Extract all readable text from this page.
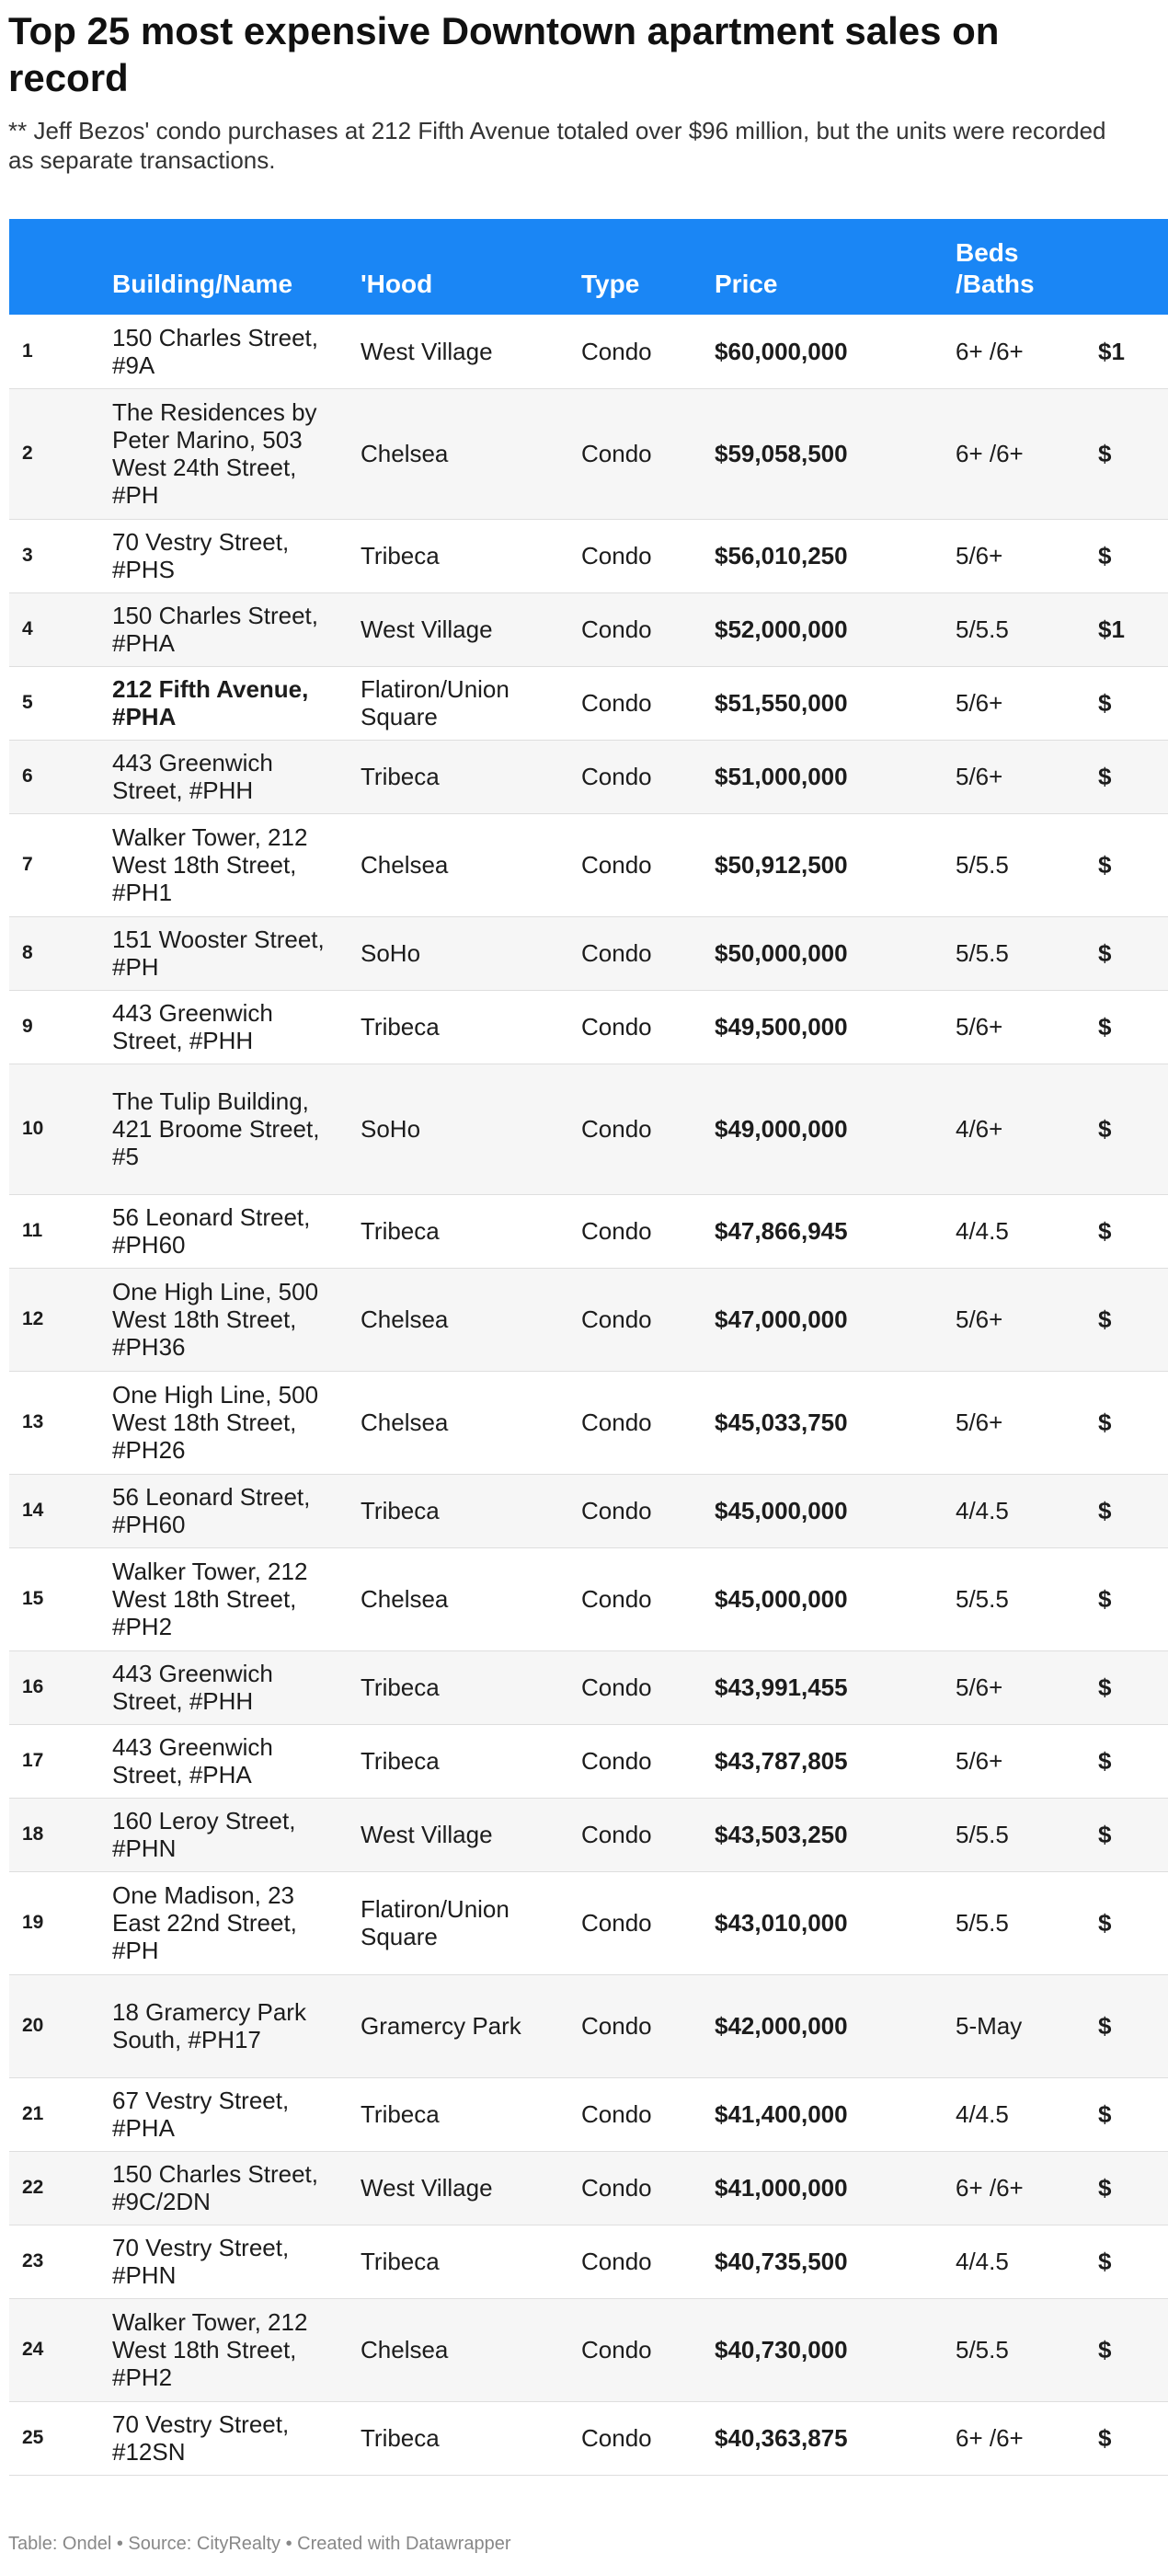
Top 25 most expensive Downtown apartment sales on record

** Jeff Bezos' condo purchases at 212 Fifth Avenue totaled over $96 million, but the units were recorded as separate transactions.

	Building/Name	'Hood	Type	Price	Beds
/Baths	
1	150 Charles Street, #9A	West Village	Condo	$60,000,000	6+ /6+	$1
2	The Residences by Peter Marino, 503 West 24th Street, #PH	Chelsea	Condo	$59,058,500	6+ /6+	$
3	70 Vestry Street, #PHS	Tribeca	Condo	$56,010,250	5/6+	$
4	150 Charles Street, #PHA	West Village	Condo	$52,000,000	5/5.5	$1
5	212 Fifth Avenue, #PHA	Flatiron/Union Square	Condo	$51,550,000	5/6+	$
6	443 Greenwich Street, #PHH	Tribeca	Condo	$51,000,000	5/6+	$
7	Walker Tower, 212 West 18th Street, #PH1	Chelsea	Condo	$50,912,500	5/5.5	$
8	151 Wooster Street, #PH	SoHo	Condo	$50,000,000	5/5.5	$
9	443 Greenwich Street, #PHH	Tribeca	Condo	$49,500,000	5/6+	$
10	The Tulip Building, 421 Broome Street, #5	SoHo	Condo	$49,000,000	4/6+	$
11	56 Leonard Street, #PH60	Tribeca	Condo	$47,866,945	4/4.5	$
12	One High Line, 500 West 18th Street, #PH36	Chelsea	Condo	$47,000,000	5/6+	$
13	One High Line, 500 West 18th Street, #PH26	Chelsea	Condo	$45,033,750	5/6+	$
14	56 Leonard Street, #PH60	Tribeca	Condo	$45,000,000	4/4.5	$
15	Walker Tower, 212 West 18th Street, #PH2	Chelsea	Condo	$45,000,000	5/5.5	$
16	443 Greenwich Street, #PHH	Tribeca	Condo	$43,991,455	5/6+	$
17	443 Greenwich Street, #PHA	Tribeca	Condo	$43,787,805	5/6+	$
18	160 Leroy Street, #PHN	West Village	Condo	$43,503,250	5/5.5	$
19	One Madison, 23 East 22nd Street, #PH	Flatiron/Union Square	Condo	$43,010,000	5/5.5	$
20	18 Gramercy Park South, #PH17	Gramercy Park	Condo	$42,000,000	5-May	$
21	67 Vestry Street, #PHA	Tribeca	Condo	$41,400,000	4/4.5	$
22	150 Charles Street, #9C/2DN	West Village	Condo	$41,000,000	6+ /6+	$
23	70 Vestry Street, #PHN	Tribeca	Condo	$40,735,500	4/4.5	$
24	Walker Tower, 212 West 18th Street, #PH2	Chelsea	Condo	$40,730,000	5/5.5	$
25	70 Vestry Street, #12SN	Tribeca	Condo	$40,363,875	6+ /6+	$

Table: Ondel • Source: CityRealty • Created with Datawrapper
